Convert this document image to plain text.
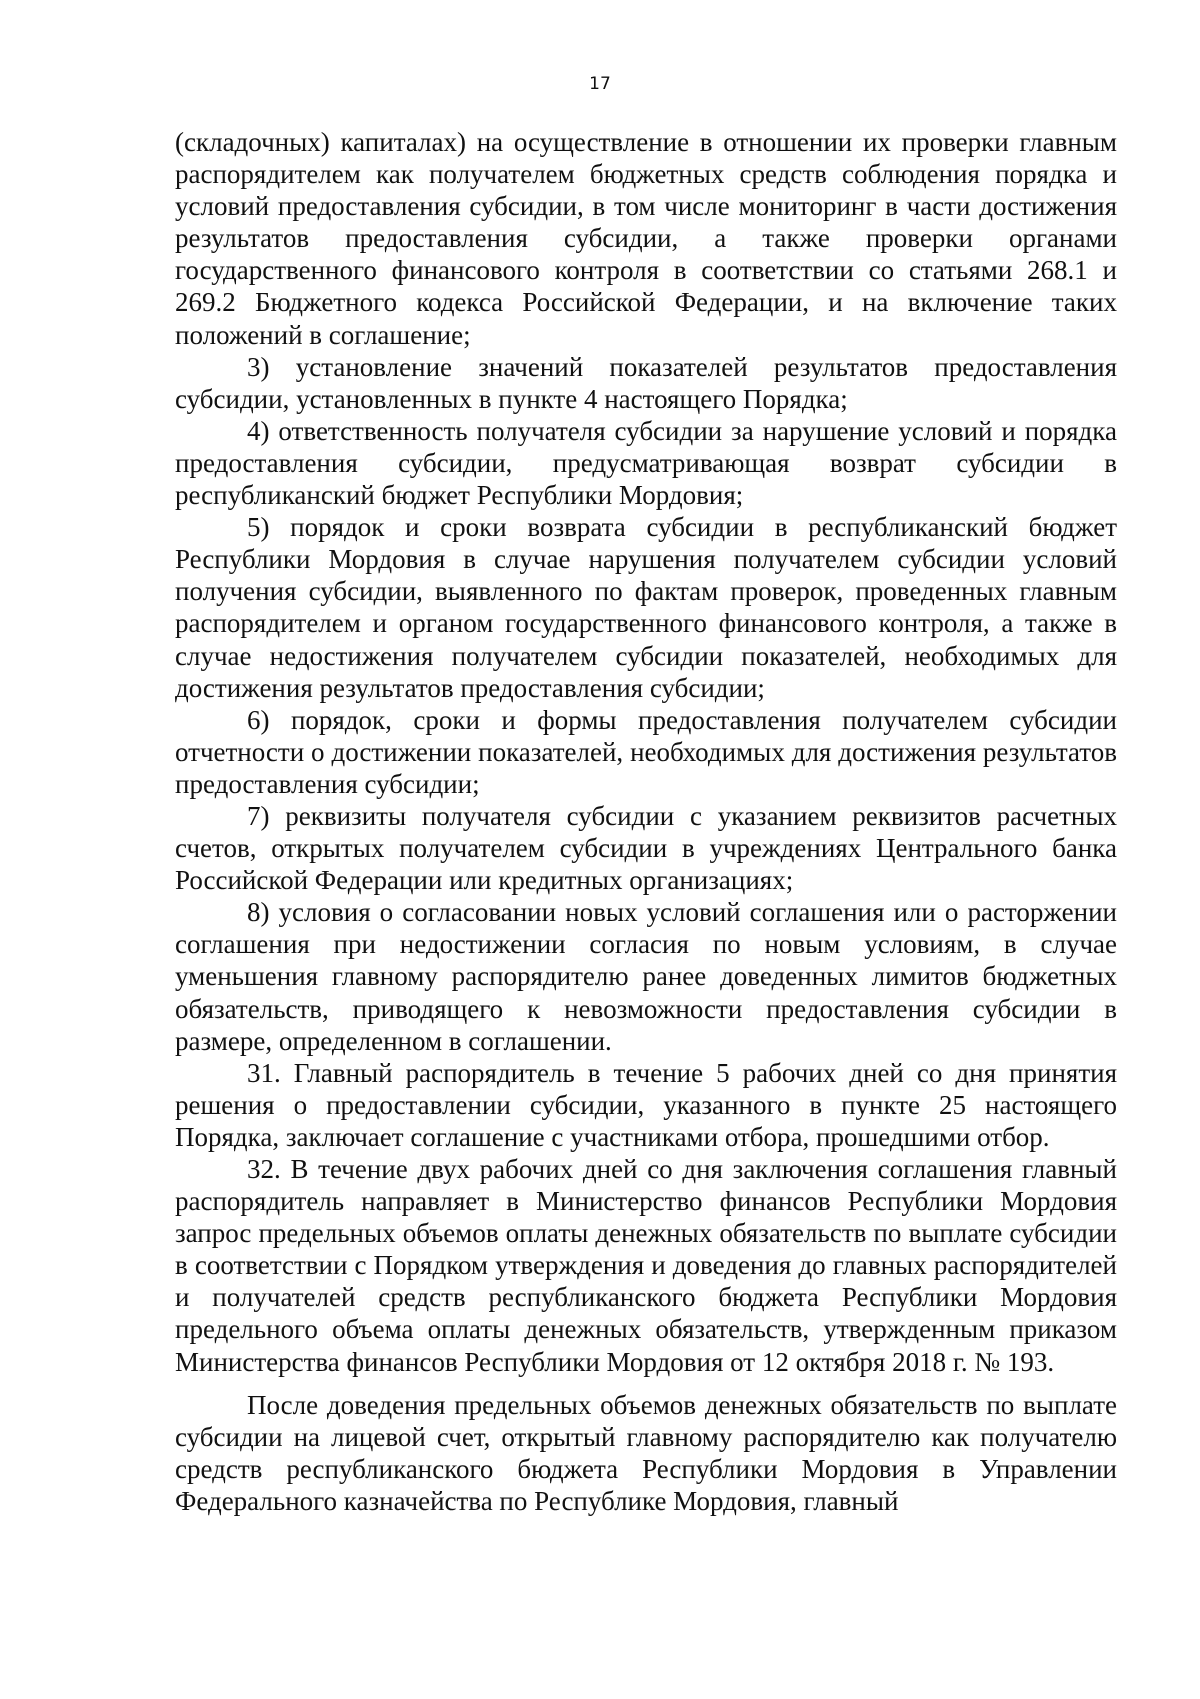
17

(складочных) капиталах) на осуществление в отношении их проверки главным распорядителем как получателем бюджетных средств соблюдения порядка и условий предоставления субсидии, в том числе мониторинг в части достижения результатов предоставления субсидии, а также проверки органами государственного финансового контроля в соответствии со статьями 268.1 и 269.2 Бюджетного кодекса Российской Федерации, и на включение таких положений в соглашение;

3) установление значений показателей результатов предоставления субсидии, установленных в пункте 4 настоящего Порядка;

4) ответственность получателя субсидии за нарушение условий и порядка предоставления субсидии, предусматривающая возврат субсидии в республиканский бюджет Республики Мордовия;

5) порядок и сроки возврата субсидии в республиканский бюджет Республики Мордовия в случае нарушения получателем субсидии условий получения субсидии, выявленного по фактам проверок, проведенных главным распорядителем и органом государственного финансового контроля, а также в случае недостижения получателем субсидии показателей, необходимых для достижения результатов предоставления субсидии;

6) порядок, сроки и формы предоставления получателем субсидии отчетности о достижении показателей, необходимых для достижения результатов предоставления субсидии;

7) реквизиты получателя субсидии с указанием реквизитов расчетных счетов, открытых получателем субсидии в учреждениях Центрального банка Российской Федерации или кредитных организациях;

8) условия о согласовании новых условий соглашения или о расторжении соглашения при недостижении согласия по новым условиям, в случае уменьшения главному распорядителю ранее доведенных лимитов бюджетных обязательств, приводящего к невозможности предоставления субсидии в размере, определенном в соглашении.

31. Главный распорядитель в течение 5 рабочих дней со дня принятия решения о предоставлении субсидии, указанного в пункте 25 настоящего Порядка, заключает соглашение с участниками отбора, прошедшими отбор.

32. В течение двух рабочих дней со дня заключения соглашения главный распорядитель направляет в Министерство финансов Республики Мордовия запрос предельных объемов оплаты денежных обязательств по выплате субсидии в соответствии с Порядком утверждения и доведения до главных распорядителей и получателей средств республиканского бюджета Республики Мордовия предельного объема оплаты денежных обязательств, утвержденным приказом Министерства финансов Республики Мордовия от 12 октября 2018 г. № 193.

После доведения предельных объемов денежных обязательств по выплате субсидии на лицевой счет, открытый главному распорядителю как получателю средств республиканского бюджета Республики Мордовия в Управлении Федерального казначейства по Республике Мордовия, главный
